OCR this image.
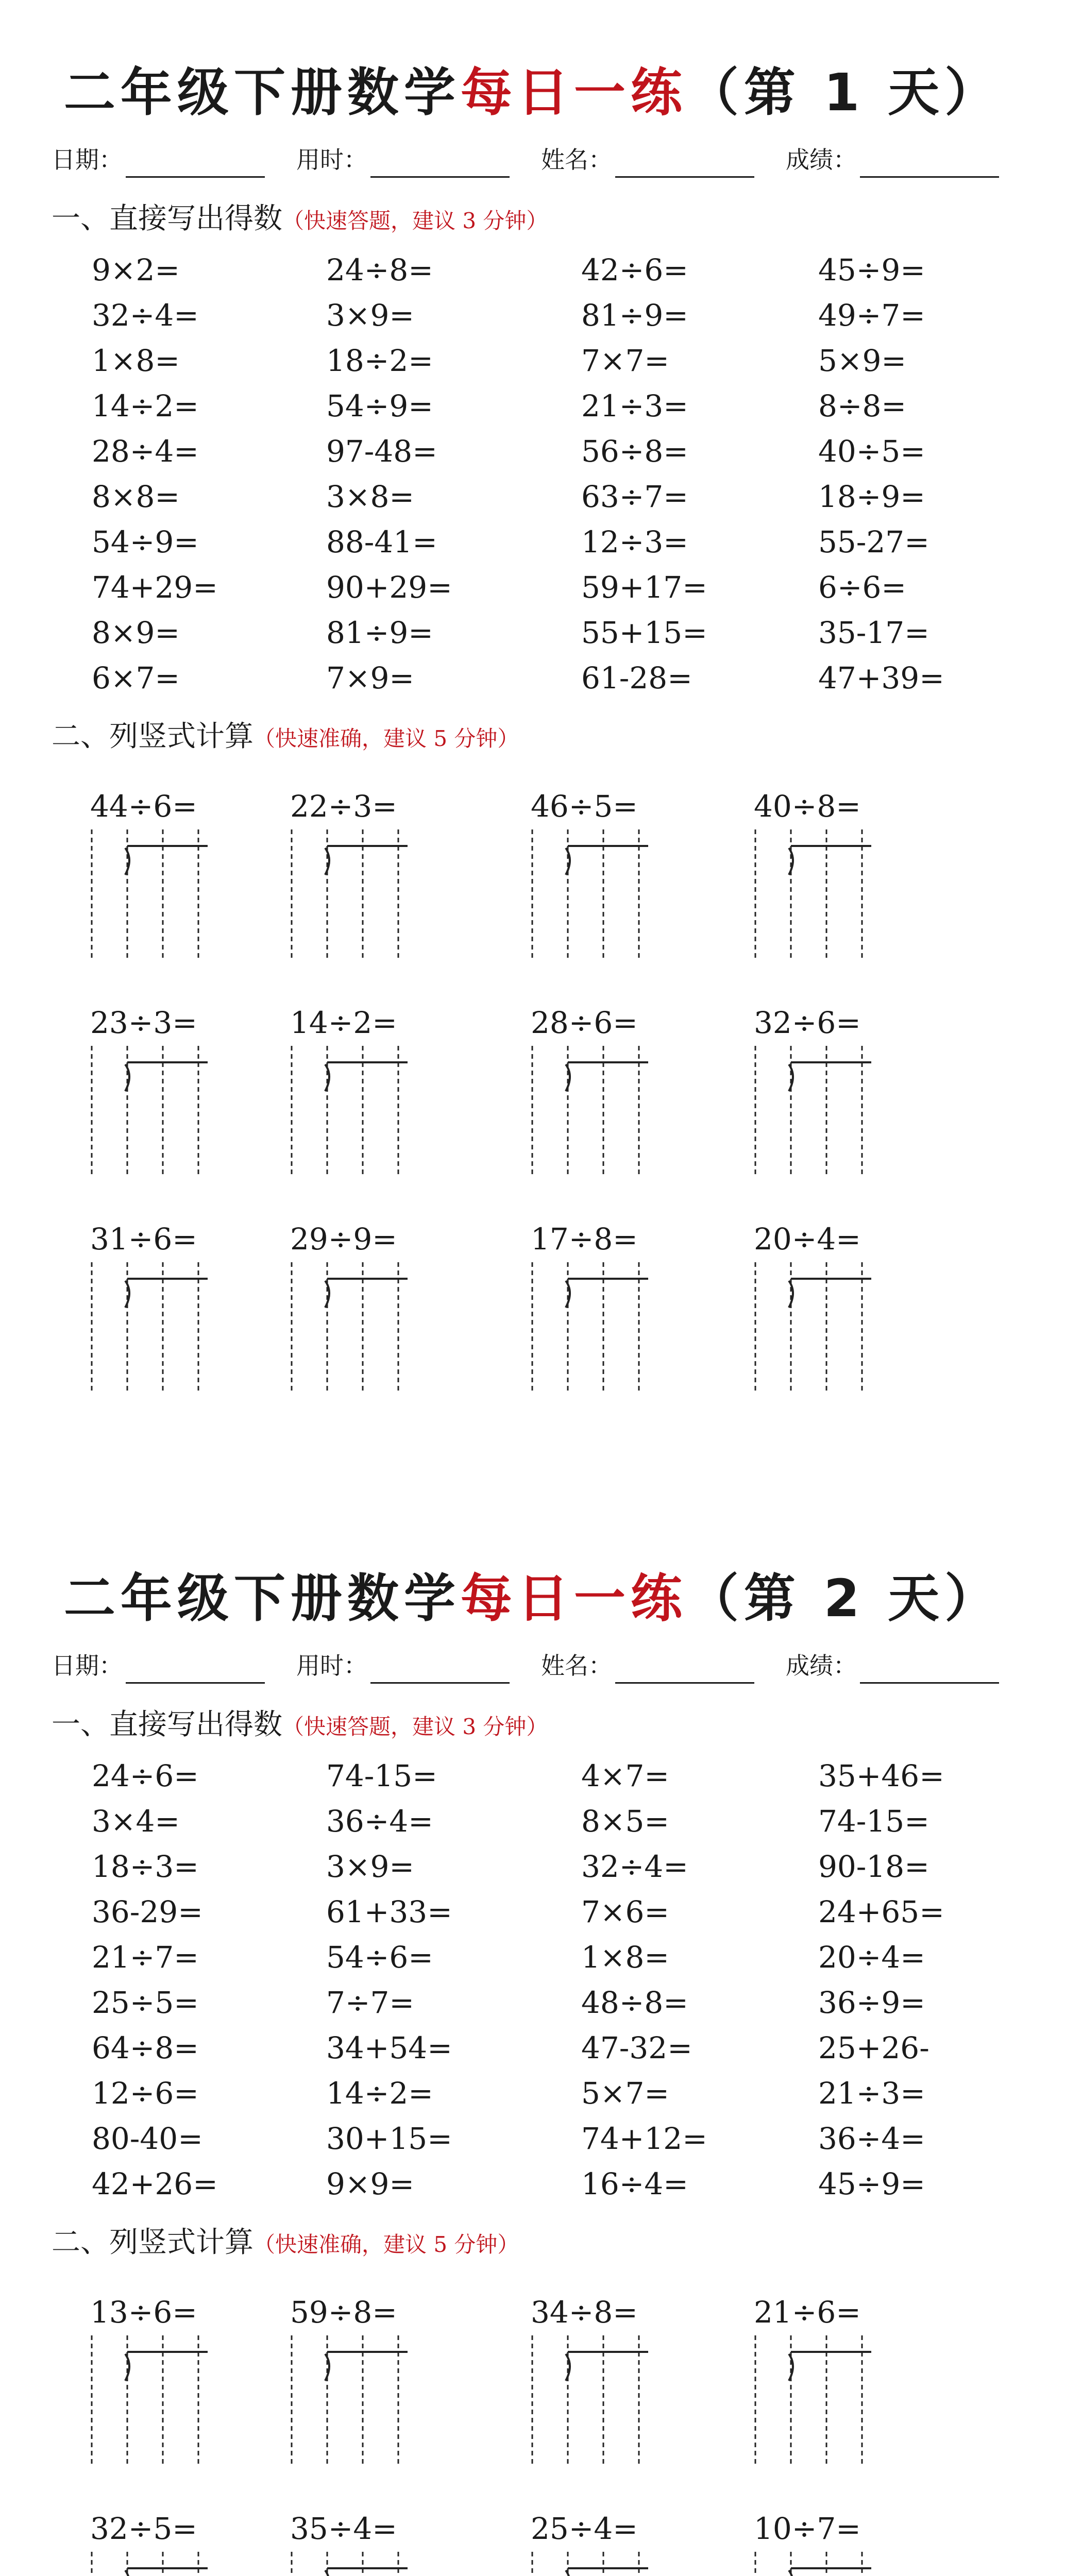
二年级下册数学每日一练（第 1 天）
日期：	用时：	姓名：	成绩：
一、直接写出得数（快速答题，建议 3 分钟）
9×2=	24÷8=	42÷6=	45÷9=
32÷4=	3×9=	81÷9=	49÷7=
1×8=	18÷2=	7×7=	5×9=
14÷2=	54÷9=	21÷3=	8÷8=
28÷4=	97-48=	56÷8=	40÷5=
8×8=	3×8=	63÷7=	18÷9=
54÷9=	88-41=	12÷3=	55-27=
74+29=	90+29=	59+17=	6÷6=
8×9=	81÷9=	55+15=	35-17=
6×7=	7×9=	61-28=	47+39=
二、列竖式计算（快速准确，建议 5 分钟）
44÷6=	22÷3=	46÷5=	40÷8=
23÷3=	14÷2=	28÷6=	32÷6=
31÷6=	29÷9=	17÷8=	20÷4=
二年级下册数学每日一练（第 2 天）
日期：	用时：	姓名：	成绩：
一、直接写出得数（快速答题，建议 3 分钟）
24÷6=	74-15=	4×7=	35+46=
3×4=	36÷4=	8×5=	74-15=
18÷3=	3×9=	32÷4=	90-18=
36-29=	61+33=	7×6=	24+65=
21÷7=	54÷6=	1×8=	20÷4=
25÷5=	7÷7=	48÷8=	36÷9=
64÷8=	34+54=	47-32=	25+26-
12÷6=	14÷2=	5×7=	21÷3=
80-40=	30+15=	74+12=	36÷4=
42+26=	9×9=	16÷4=	45÷9=
二、列竖式计算（快速准确，建议 5 分钟）
13÷6=	59÷8=	34÷8=	21÷6=
32÷5=	35÷4=	25÷4=	10÷7=
